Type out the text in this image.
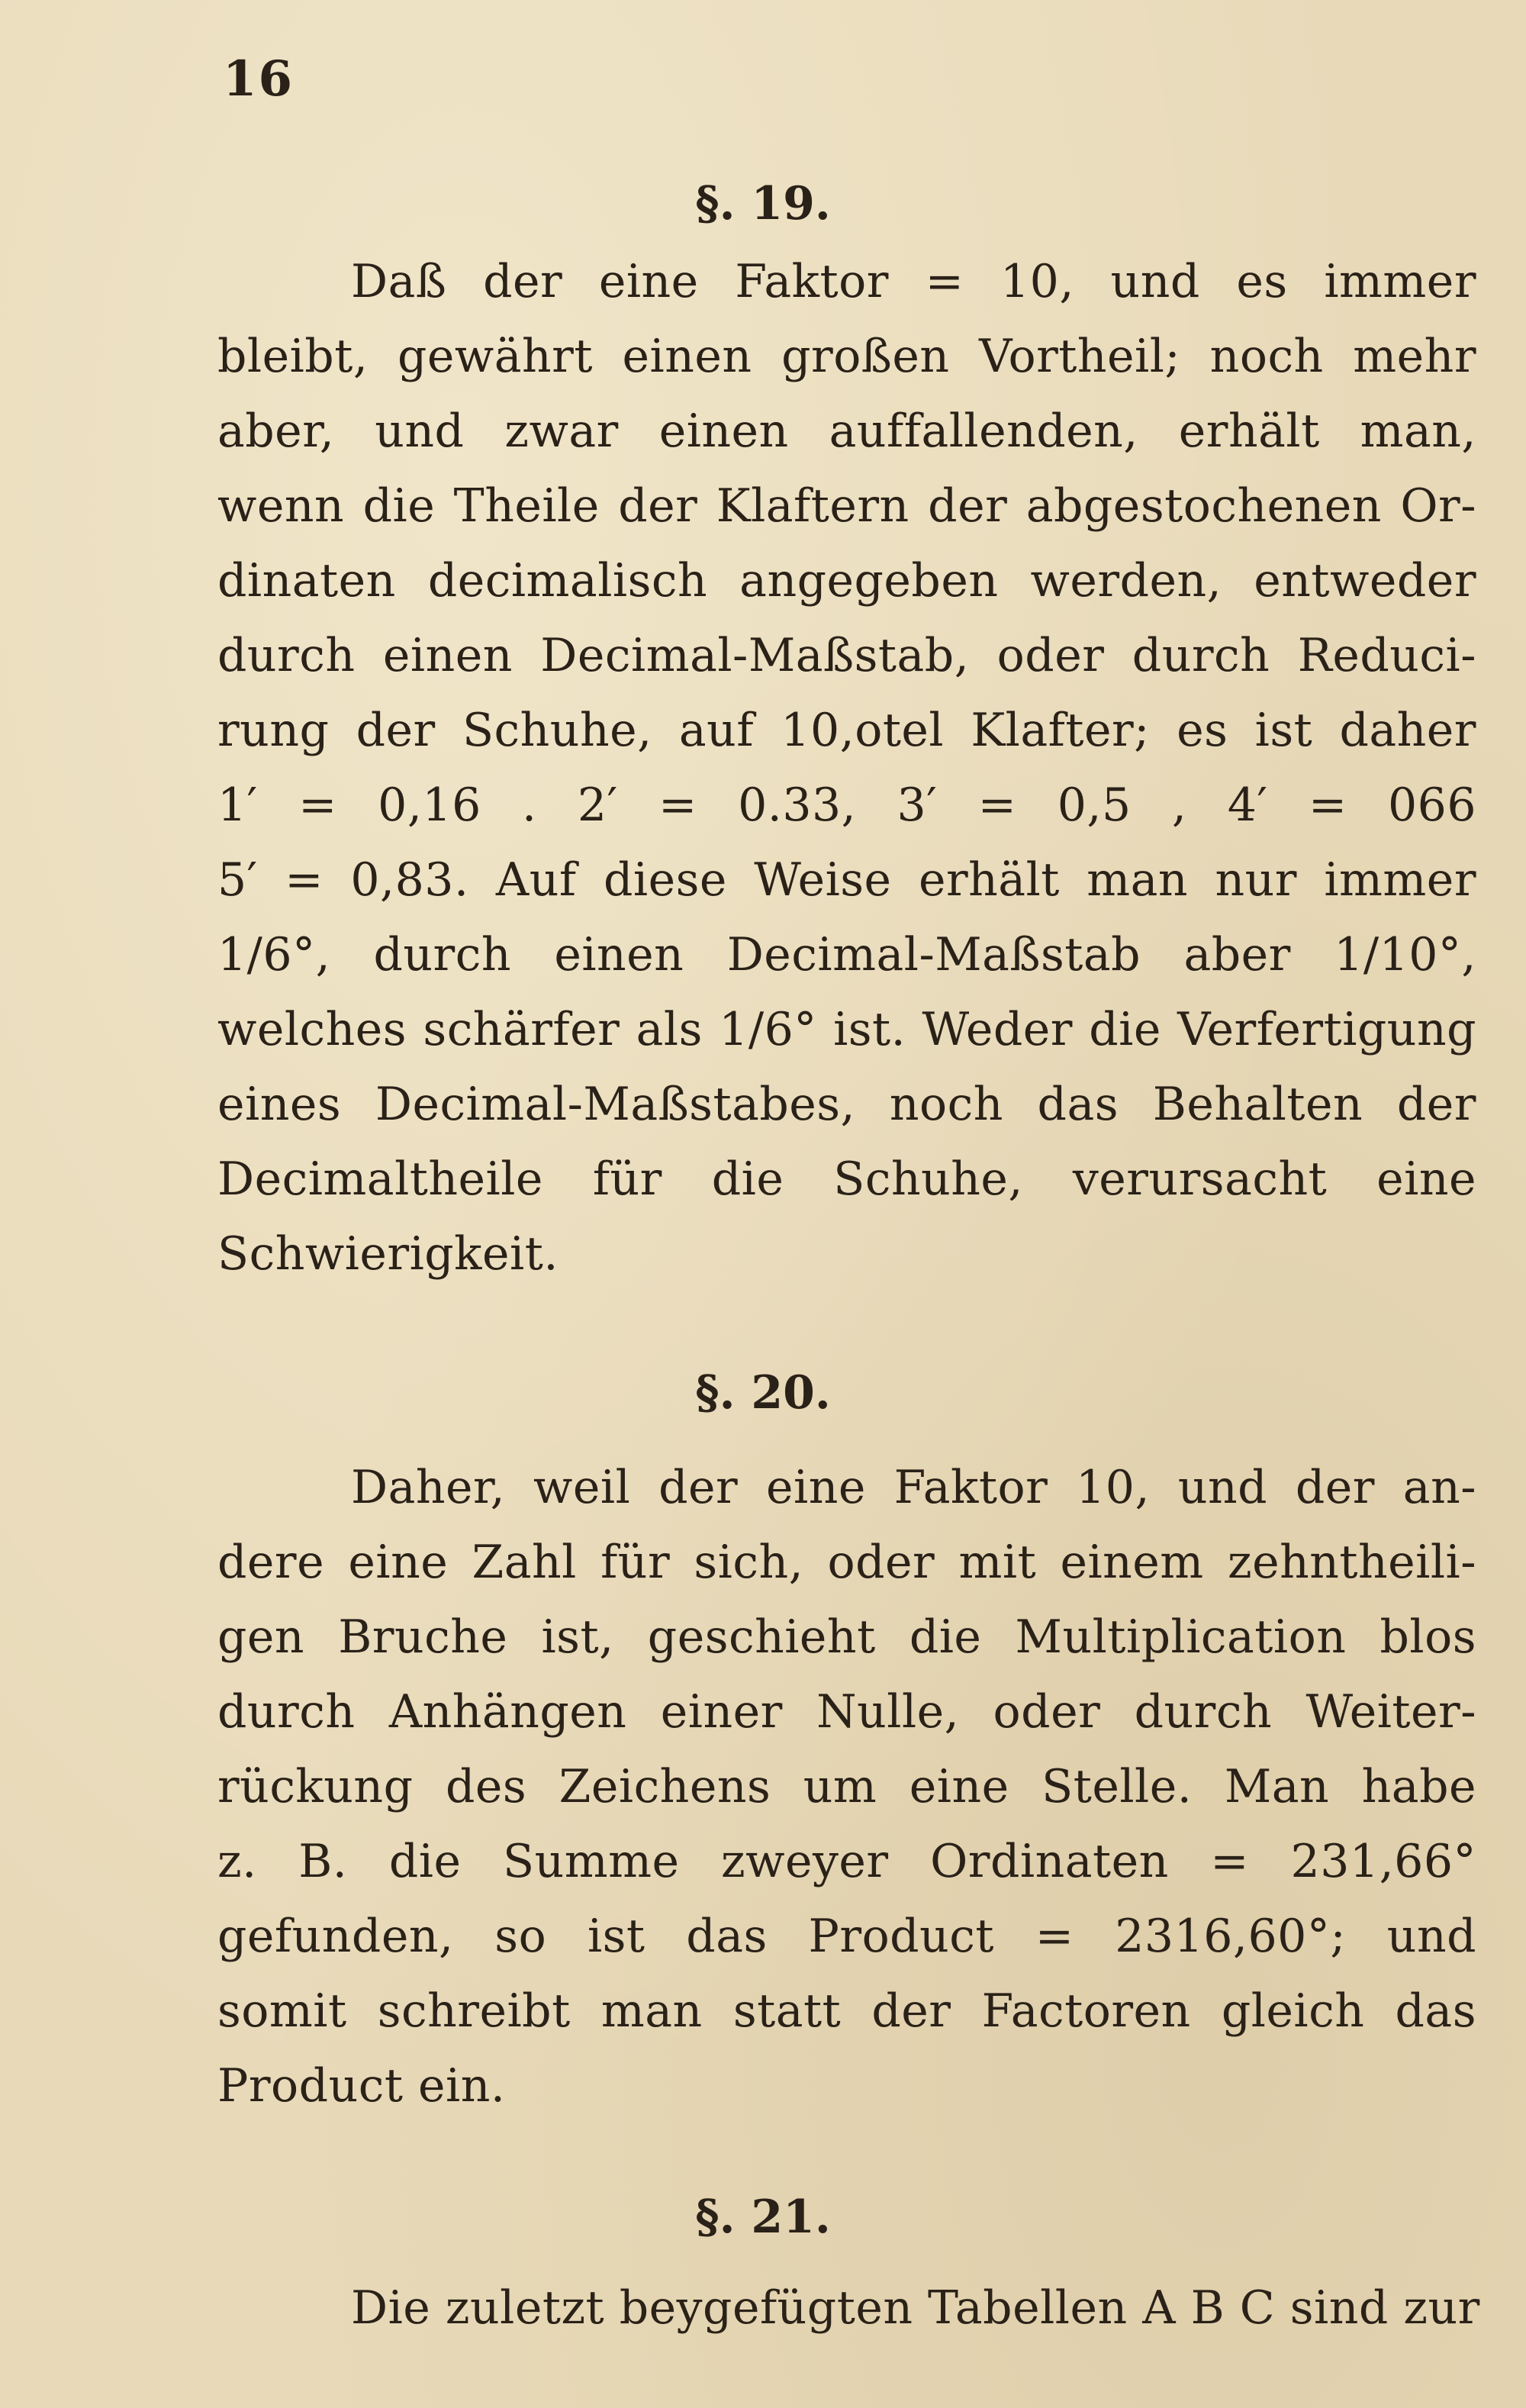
16
§. 19.
Daß der eine Faktor = 10, und es immer
bleibt, gewährt einen großen Vortheil; noch mehr
aber, und zwar einen auffallenden, erhält man,
wenn die Theile der Klaftern der abgestochenen Or-
dinaten decimalisch angegeben werden, entweder
durch einen Decimal-Maßstab, oder durch Reduci-
rung der Schuhe, auf 10,otel Klafter; es ist daher
1′ = 0,16 . 2′ = 0.33, 3′ = 0,5 , 4′ = 066
5′ = 0,83. Auf diese Weise erhält man nur immer
1/6°, durch einen Decimal-Maßstab aber 1/10°,
welches schärfer als 1/6° ist. Weder die Verfertigung
eines Decimal-Maßstabes, noch das Behalten der
Decimaltheile für die Schuhe, verursacht eine
Schwierigkeit.
§. 20.
Daher, weil der eine Faktor 10, und der an-
dere eine Zahl für sich, oder mit einem zehntheili-
gen Bruche ist, geschieht die Multiplication blos
durch Anhängen einer Nulle, oder durch Weiter-
rückung des Zeichens um eine Stelle. Man habe
z. B. die Summe zweyer Ordinaten = 231,66°
gefunden, so ist das Product = 2316,60°; und
somit schreibt man statt der Factoren gleich das
Product ein.
§. 21.
Die zuletzt beygefügten Tabellen A B C sind zur
